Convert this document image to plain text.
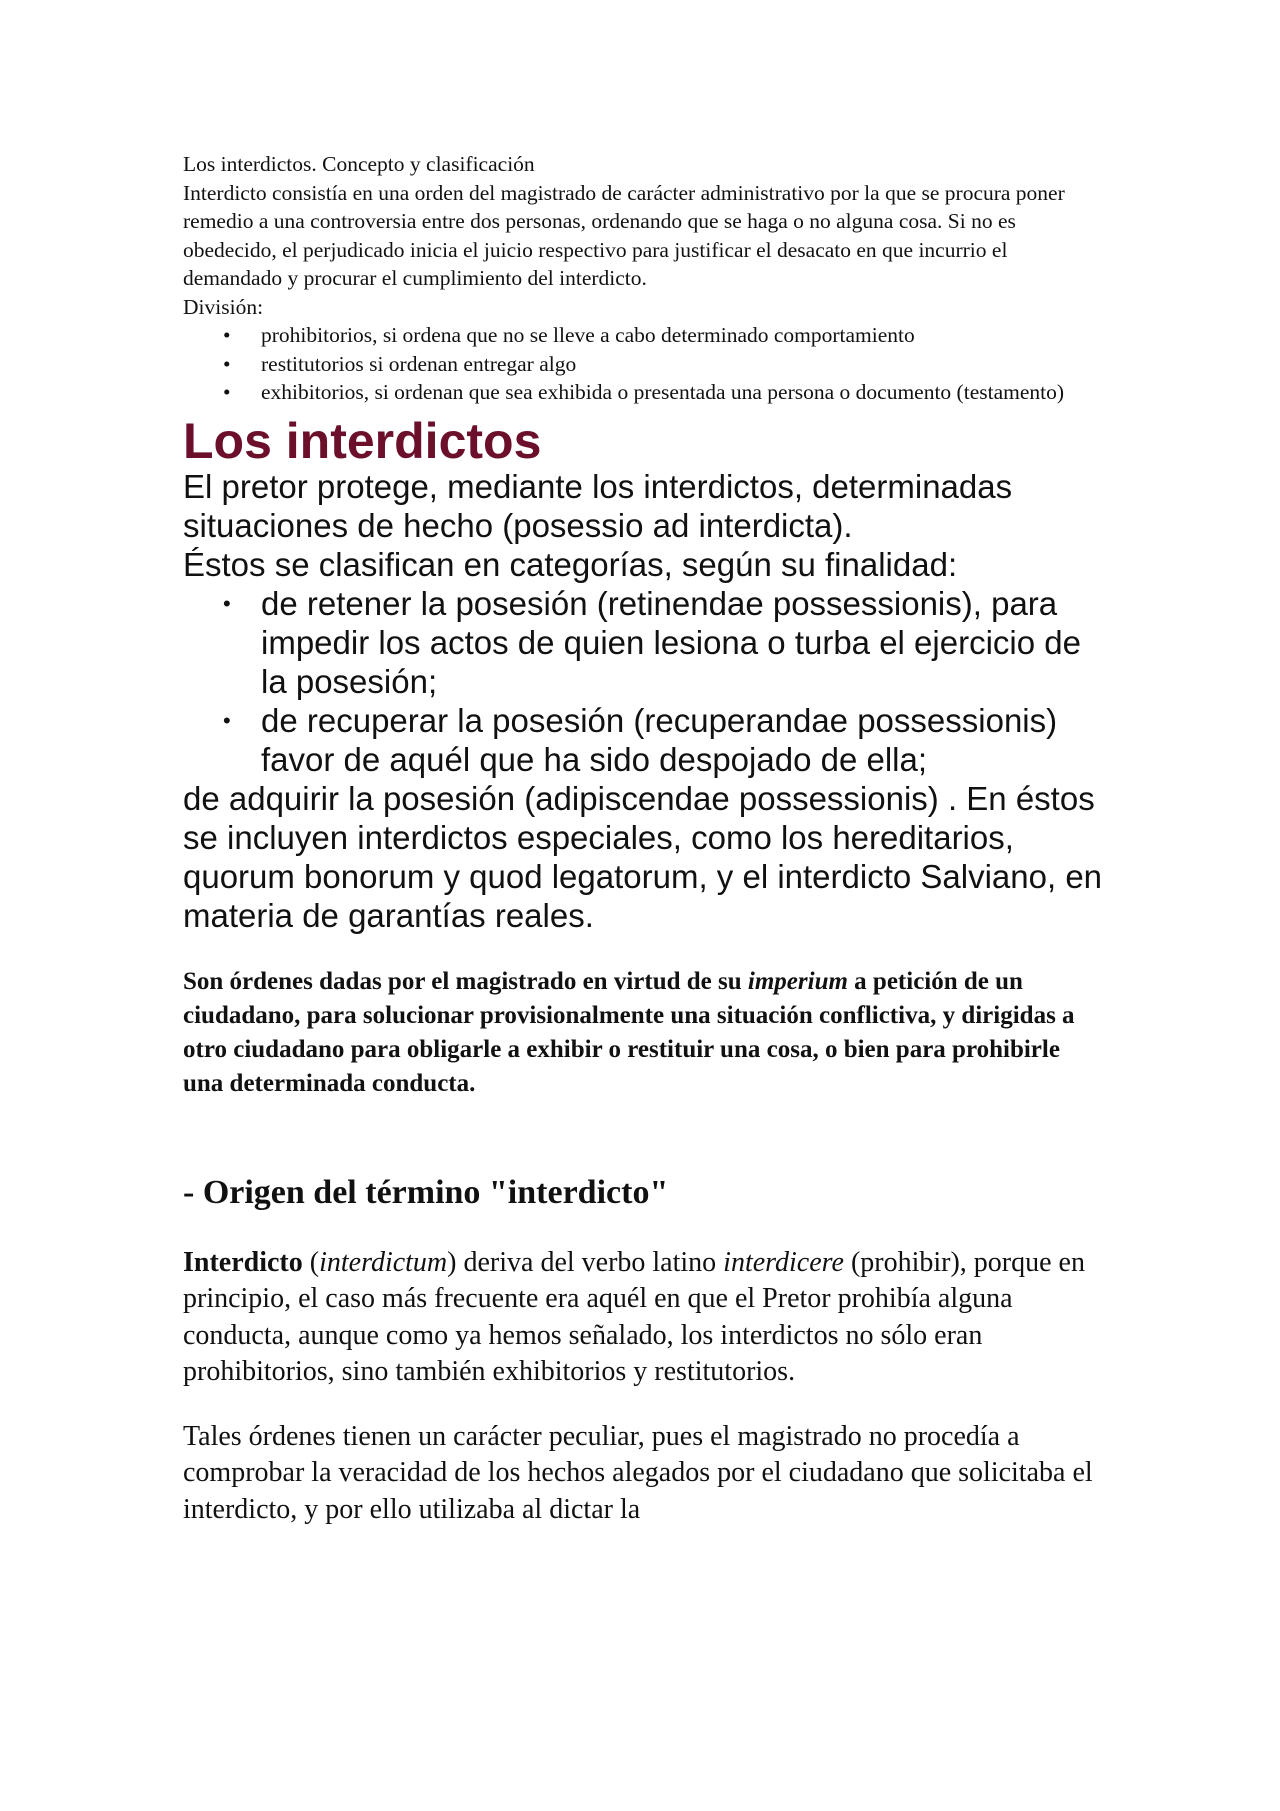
Los interdictos. Concepto y clasificación

Interdicto consistía en una orden del magistrado de carácter administrativo por la que se procura poner remedio a una controversia entre dos personas, ordenando que se haga o no alguna cosa. Si no es obedecido, el perjudicado inicia el juicio respectivo para justificar el desacato en que incurrio el demandado y procurar el cumplimiento del interdicto.

División:

• prohibitorios, si ordena que no se lleve a cabo determinado comportamiento
• restitutorios si ordenan entregar algo
• exhibitorios, si ordenan que sea exhibida o presentada una persona o documento (testamento)
Los interdictos

El pretor protege, mediante los interdictos, determinadas situaciones de hecho (posessio ad interdicta).

Éstos se clasifican en categorías, según su finalidad:

• de retener la posesión (retinendae possessionis), para impedir los actos de quien lesiona o turba el ejercicio de la posesión;
• de recuperar la posesión (recuperandae possessionis) favor de aquél que ha sido despojado de ella;

de adquirir la posesión (adipiscendae possessionis) . En éstos se incluyen interdictos especiales, como los hereditarios, quorum bonorum y quod legatorum, y el interdicto Salviano, en materia de garantías reales.

Son órdenes dadas por el magistrado en virtud de su imperium a petición de un ciudadano, para solucionar provisionalmente una situación conflictiva, y dirigidas a otro ciudadano para obligarle a exhibir o restituir una cosa, o bien para prohibirle una determinada conducta.

- Origen del término "interdicto"

Interdicto (interdictum) deriva del verbo latino interdicere (prohibir), porque en principio, el caso más frecuente era aquél en que el Pretor prohibía alguna conducta, aunque como ya hemos señalado, los interdictos no sólo eran prohibitorios, sino también exhibitorios y restitutorios.

Tales órdenes tienen un carácter peculiar, pues el magistrado no procedía a comprobar la veracidad de los hechos alegados por el ciudadano que solicitaba el interdicto, y por ello utilizaba al dictar la
